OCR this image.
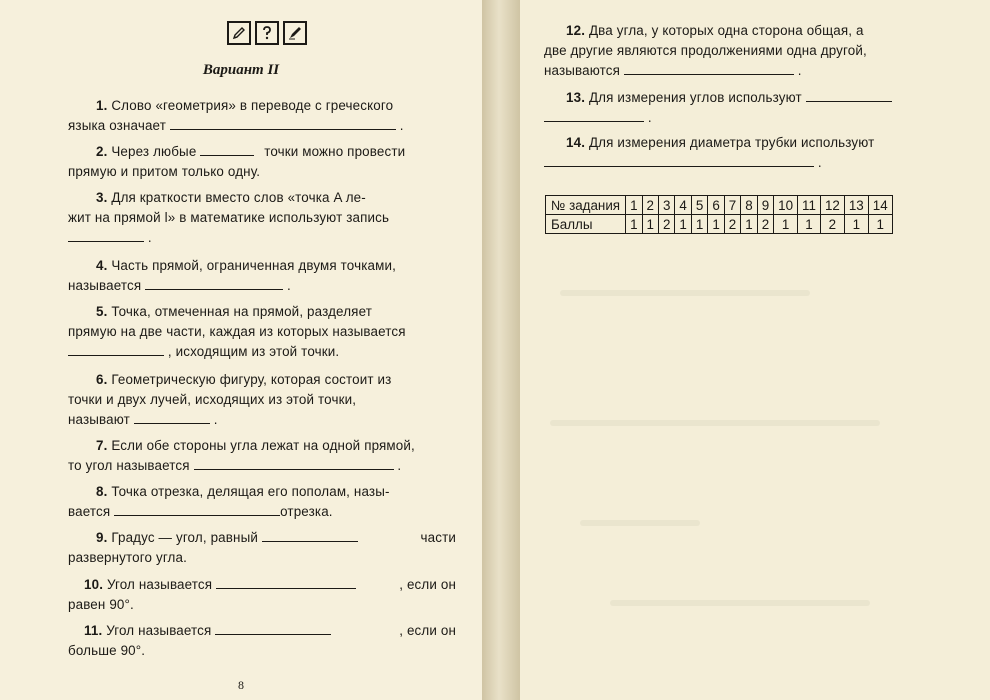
Вариант II
1. Слово «геометрия» в переводе с греческого
языка означает	.
2. Через любые	точки можно провести
прямую и притом только одну.
3. Для краткости вместо слов «точка A ле-
жит на прямой l» в математике используют запись
.
4. Часть прямой, ограниченная двумя точками,
называется	.
5. Точка, отмеченная на прямой, разделяет
прямую на две части, каждая из которых называется
, исходящим из этой точки.
6. Геометрическую фигуру, которая состоит из
точки и двух лучей, исходящих из этой точки,
называют	.
7. Если обе стороны угла лежат на одной прямой,
то угол называется	.
8. Точка отрезка, делящая его пополам, назы-
вается	отрезка.
9. Градус — угол, равный	части
развернутого угла.
10. Угол называется	, если он
равен 90°.
11. Угол называется	, если он
больше 90°.
8
12. Два угла, у которых одна сторона общая, а
две другие являются продолжениями одна другой,
называются	.
13. Для измерения углов используют
.
14. Для измерения диаметра трубки используют
.
№ задания	1	2	3	4	5	6	7	8	9	10	11	12	13	14
Баллы	1	1	2	1	1	1	2	1	2	1	1	2	1	1
